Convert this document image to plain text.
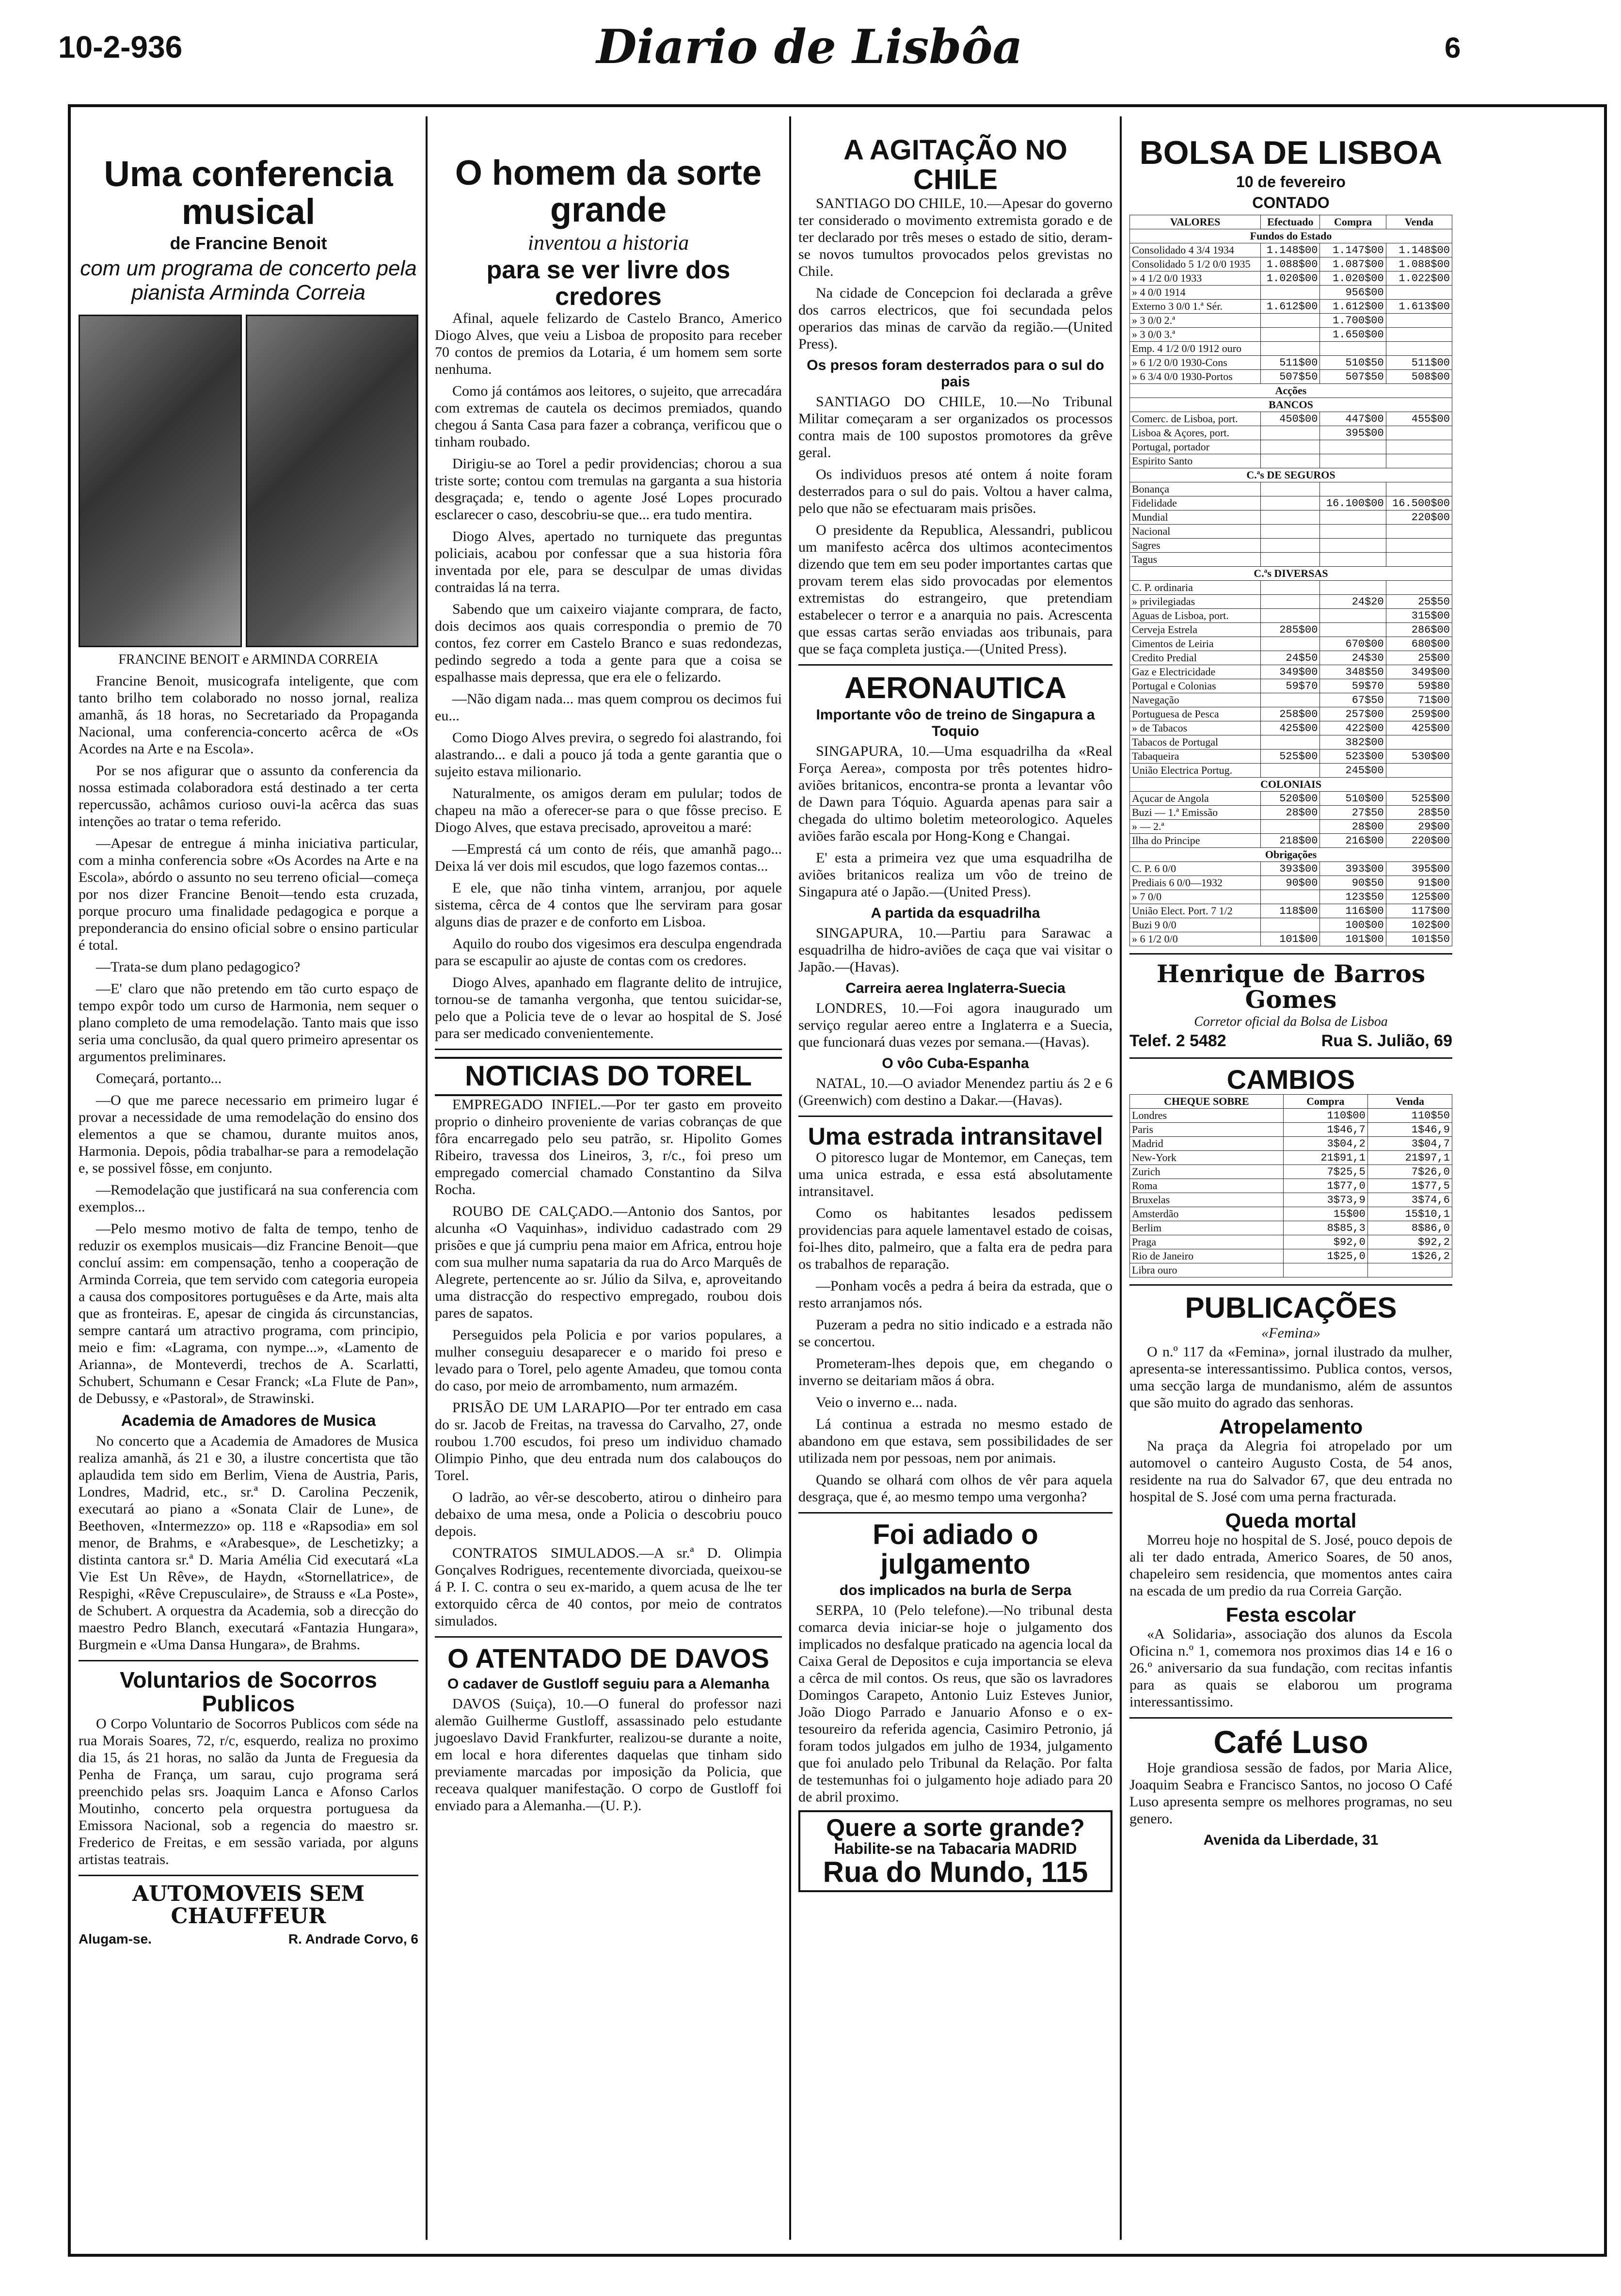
10-2-936	Diario de Lisbôa	6
Uma conferencia musical
de Francine Benoit
com um programa de concerto pela pianista Arminda Correia
FRANCINE BENOIT e ARMINDA CORREIA

Francine Benoit, musicografa inteligente, que com tanto brilho tem colaborado no nosso jornal, realiza amanhã, ás 18 horas, no Secretariado da Propaganda Nacional, uma conferencia-concerto acêrca de «Os Acordes na Arte e na Escola».

Por se nos afigurar que o assunto da conferencia da nossa estimada colaboradora está destinado a ter certa repercussão, achâmos curioso ouvi-la acêrca das suas intenções ao tratar o tema referido.

—Apesar de entregue á minha iniciativa particular, com a minha conferencia sobre «Os Acordes na Arte e na Escola», abórdo o assunto no seu terreno oficial—começa por nos dizer Francine Benoit—tendo esta cruzada, porque procuro uma finalidade pedagogica e porque a preponderancia do ensino oficial sobre o ensino particular é total.

—Trata-se dum plano pedagogico?

—E' claro que não pretendo em tão curto espaço de tempo expôr todo um curso de Harmonia, nem sequer o plano completo de uma remodelação. Tanto mais que isso seria uma conclusão, da qual quero primeiro apresentar os argumentos preliminares.

Começará, portanto...

—O que me parece necessario em primeiro lugar é provar a necessidade de uma remodelação do ensino dos elementos a que se chamou, durante muitos anos, Harmonia. Depois, pôdia trabalhar-se para a remodelação e, se possivel fôsse, em conjunto.

—Remodelação que justificará na sua conferencia com exemplos...

—Pelo mesmo motivo de falta de tempo, tenho de reduzir os exemplos musicais—diz Francine Benoit—que concluí assim: em compensação, tenho a cooperação de Arminda Correia, que tem servido com categoria europeia a causa dos compositores portuguêses e da Arte, mais alta que as fronteiras. E, apesar de cingida ás circunstancias, sempre cantará um atractivo programa, com principio, meio e fim: «Lagrama, con nympe...», «Lamento de Arianna», de Monteverdi, trechos de A. Scarlatti, Schubert, Schumann e Cesar Franck; «La Flute de Pan», de Debussy, e «Pastoral», de Strawinski.

Academia de Amadores de Musica

No concerto que a Academia de Amadores de Musica realiza amanhã, ás 21 e 30, a ilustre concertista que tão aplaudida tem sido em Berlim, Viena de Austria, Paris, Londres, Madrid, etc., sr.ª D. Carolina Peczenik, executará ao piano a «Sonata Clair de Lune», de Beethoven, «Intermezzo» op. 118 e «Rapsodia» em sol menor, de Brahms, e «Arabesque», de Leschetizky; a distinta cantora sr.ª D. Maria Amélia Cid executará «La Vie Est Un Rêve», de Haydn, «Stornellatrice», de Respighi, «Rêve Crepusculaire», de Strauss e «La Poste», de Schubert. A orquestra da Academia, sob a direcção do maestro Pedro Blanch, executará «Fantazia Hungara», Burgmein e «Uma Dansa Hungara», de Brahms.

Voluntarios de Socorros Publicos

O Corpo Voluntario de Socorros Publicos com séde na rua Morais Soares, 72, r/c, esquerdo, realiza no proximo dia 15, ás 21 horas, no salão da Junta de Freguesia da Penha de França, um sarau, cujo programa será preenchido pelas srs. Joaquim Lanca e Afonso Carlos Moutinho, concerto pela orquestra portuguesa da Emissora Nacional, sob a regencia do maestro sr. Frederico de Freitas, e em sessão variada, por alguns artistas teatrais.

AUTOMOVEIS SEM CHAUFFEUR
Alugam-se.	R. Andrade Corvo, 6
O homem da sorte grande
inventou a historia
para se ver livre dos credores

Afinal, aquele felizardo de Castelo Branco, Americo Diogo Alves, que veiu a Lisboa de proposito para receber 70 contos de premios da Lotaria, é um homem sem sorte nenhuma.

Como já contámos aos leitores, o sujeito, que arrecadára com extremas de cautela os decimos premiados, quando chegou á Santa Casa para fazer a cobrança, verificou que o tinham roubado.

Dirigiu-se ao Torel a pedir providencias; chorou a sua triste sorte; contou com tremulas na garganta a sua historia desgraçada; e, tendo o agente José Lopes procurado esclarecer o caso, descobriu-se que... era tudo mentira.

Diogo Alves, apertado no turniquete das preguntas policiais, acabou por confessar que a sua historia fôra inventada por ele, para se desculpar de umas dividas contraidas lá na terra.

Sabendo que um caixeiro viajante comprara, de facto, dois decimos aos quais correspondia o premio de 70 contos, fez correr em Castelo Branco e suas redondezas, pedindo segredo a toda a gente para que a coisa se espalhasse mais depressa, que era ele o felizardo.

—Não digam nada... mas quem comprou os decimos fui eu...

Como Diogo Alves previra, o segredo foi alastrando, foi alastrando... e dali a pouco já toda a gente garantia que o sujeito estava milionario.

Naturalmente, os amigos deram em pulular; todos de chapeu na mão a oferecer-se para o que fôsse preciso. E Diogo Alves, que estava precisado, aproveitou a maré:

—Emprestá cá um conto de réis, que amanhã pago... Deixa lá ver dois mil escudos, que logo fazemos contas...

E ele, que não tinha vintem, arranjou, por aquele sistema, cêrca de 4 contos que lhe serviram para gosar alguns dias de prazer e de conforto em Lisboa.

Aquilo do roubo dos vigesimos era desculpa engendrada para se escapulir ao ajuste de contas com os credores.

Diogo Alves, apanhado em flagrante delito de intrujice, tornou-se de tamanha vergonha, que tentou suicidar-se, pelo que a Policia teve de o levar ao hospital de S. José para ser medicado convenientemente.

NOTICIAS DO TOREL

EMPREGADO INFIEL.—Por ter gasto em proveito proprio o dinheiro proveniente de varias cobranças de que fôra encarregado pelo seu patrão, sr. Hipolito Gomes Ribeiro, travessa dos Lineiros, 3, r/c., foi preso um empregado comercial chamado Constantino da Silva Rocha.

ROUBO DE CALÇADO.—Antonio dos Santos, por alcunha «O Vaquinhas», individuo cadastrado com 29 prisões e que já cumpriu pena maior em Africa, entrou hoje com sua mulher numa sapataria da rua do Arco Marquês de Alegrete, pertencente ao sr. Júlio da Silva, e, aproveitando uma distracção do respectivo empregado, roubou dois pares de sapatos.

Perseguidos pela Policia e por varios populares, a mulher conseguiu desaparecer e o marido foi preso e levado para o Torel, pelo agente Amadeu, que tomou conta do caso, por meio de arrombamento, num armazém.

PRISÃO DE UM LARAPIO—Por ter entrado em casa do sr. Jacob de Freitas, na travessa do Carvalho, 27, onde roubou 1.700 escudos, foi preso um individuo chamado Olimpio Pinho, que deu entrada num dos calabouços do Torel.

O ladrão, ao vêr-se descoberto, atirou o dinheiro para debaixo de uma mesa, onde a Policia o descobriu pouco depois.

CONTRATOS SIMULADOS.—A sr.ª D. Olimpia Gonçalves Rodrigues, recentemente divorciada, queixou-se á P. I. C. contra o seu ex-marido, a quem acusa de lhe ter extorquido cêrca de 40 contos, por meio de contratos simulados.

O ATENTADO DE DAVOS
O cadaver de Gustloff seguiu para a Alemanha

DAVOS (Suiça), 10.—O funeral do professor nazi alemão Guilherme Gustloff, assassinado pelo estudante jugoeslavo David Frankfurter, realizou-se durante a noite, em local e hora diferentes daquelas que tinham sido previamente marcadas por imposição da Policia, que receava qualquer manifestação. O corpo de Gustloff foi enviado para a Alemanha.—(U. P.).

A AGITAÇÃO NO CHILE

SANTIAGO DO CHILE, 10.—Apesar do governo ter considerado o movimento extremista gorado e de ter declarado por três meses o estado de sitio, deram-se novos tumultos provocados pelos grevistas no Chile.

Na cidade de Concepcion foi declarada a grêve dos carros electricos, que foi secundada pelos operarios das minas de carvão da região.—(United Press).

Os presos foram desterrados para o sul do pais

SANTIAGO DO CHILE, 10.—No Tribunal Militar começaram a ser organizados os processos contra mais de 100 supostos promotores da grêve geral.

Os individuos presos até ontem á noite foram desterrados para o sul do pais. Voltou a haver calma, pelo que não se efectuaram mais prisões.

O presidente da Republica, Alessandri, publicou um manifesto acêrca dos ultimos acontecimentos dizendo que tem em seu poder importantes cartas que provam terem elas sido provocadas por elementos extremistas do estrangeiro, que pretendiam estabelecer o terror e a anarquia no pais. Acrescenta que essas cartas serão enviadas aos tribunais, para que se faça completa justiça.—(United Press).

AERONAUTICA
Importante vôo de treino de Singapura a Toquio

SINGAPURA, 10.—Uma esquadrilha da «Real Força Aerea», composta por três potentes hidro-aviões britanicos, encontra-se pronta a levantar vôo de Dawn para Tóquio. Aguarda apenas para sair a chegada do ultimo boletim meteorologico. Aqueles aviões farão escala por Hong-Kong e Changai.

E' esta a primeira vez que uma esquadrilha de aviões britanicos realiza um vôo de treino de Singapura até o Japão.—(United Press).

A partida da esquadrilha

SINGAPURA, 10.—Partiu para Sarawac a esquadrilha de hidro-aviões de caça que vai visitar o Japão.—(Havas).

Carreira aerea Inglaterra-Suecia

LONDRES, 10.—Foi agora inaugurado um serviço regular aereo entre a Inglaterra e a Suecia, que funcionará duas vezes por semana.—(Havas).

O vôo Cuba-Espanha

NATAL, 10.—O aviador Menendez partiu ás 2 e 6 (Greenwich) com destino a Dakar.—(Havas).

Uma estrada intransitavel

O pitoresco lugar de Montemor, em Caneças, tem uma unica estrada, e essa está absolutamente intransitavel.

Como os habitantes lesados pedissem providencias para aquele lamentavel estado de coisas, foi-lhes dito, palmeiro, que a falta era de pedra para os trabalhos de reparação.

—Ponham vocês a pedra á beira da estrada, que o resto arranjamos nós.

Puzeram a pedra no sitio indicado e a estrada não se concertou.

Prometeram-lhes depois que, em chegando o inverno se deitariam mãos á obra.

Veio o inverno e... nada.

Lá continua a estrada no mesmo estado de abandono em que estava, sem possibilidades de ser utilizada nem por pessoas, nem por animais.

Quando se olhará com olhos de vêr para aquela desgraça, que é, ao mesmo tempo uma vergonha?

Foi adiado o julgamento
dos implicados na burla de Serpa

SERPA, 10 (Pelo telefone).—No tribunal desta comarca devia iniciar-se hoje o julgamento dos implicados no desfalque praticado na agencia local da Caixa Geral de Depositos e cuja importancia se eleva a cêrca de mil contos. Os reus, que são os lavradores Domingos Carapeto, Antonio Luiz Esteves Junior, João Diogo Parrado e Januario Afonso e o ex-tesoureiro da referida agencia, Casimiro Petronio, já foram todos julgados em julho de 1934, julgamento que foi anulado pelo Tribunal da Relação. Por falta de testemunhas foi o julgamento hoje adiado para 20 de abril proximo.

Quere a sorte grande?
Habilite-se na Tabacaria MADRID
Rua do Mundo, 115
BOLSA DE LISBOA
10 de fevereiro
CONTADO
VALORES	Efectuado	Compra	Venda
Fundos do Estado			
Consolidado 4 3/4 1934	1.148$00	1.147$00	1.148$00
Consolidado 5 1/2 0/0 1935	1.088$00	1.087$00	1.088$00
» 4 1/2 0/0 1933	1.020$00	1.020$00	1.022$00
» 4 0/0 1914		956$00	
Externo 3 0/0 1.ª Sér.	1.612$00	1.612$00	1.613$00
» 3 0/0 2.ª		1.700$00	
» 3 0/0 3.ª		1.650$00	
Emp. 4 1/2 0/0 1912 ouro			
» 6 1/2 0/0 1930-Cons	511$00	510$50	511$00
» 6 3/4 0/0 1930-Portos	507$50	507$50	508$00
Acções			
BANCOS			
Comerc. de Lisboa, port.	450$00	447$00	455$00
Lisboa & Açores, port.		395$00	
Portugal, portador			
Espirito Santo			
C.ªs DE SEGUROS			
Bonança			
Fidelidade		16.100$00	16.500$00
Mundial			220$00
Nacional			
Sagres			
Tagus			
C.ªs DIVERSAS			
C. P. ordinaria			
» privilegiadas		24$20	25$50
Aguas de Lisboa, port.			315$00
Cerveja Estrela	285$00		286$00
Cimentos de Leiria		670$00	680$00
Credito Predial	24$50	24$30	25$00
Gaz e Electricidade	349$00	348$50	349$00
Portugal e Colonias	59$70	59$70	59$80
Navegação		67$50	71$00
Portuguesa de Pesca	258$00	257$00	259$00
» de Tabacos	425$00	422$00	425$00
Tabacos de Portugal		382$00	
Tabaqueira	525$00	523$00	530$00
União Electrica Portug.		245$00	
COLONIAIS			
Açucar de Angola	520$00	510$00	525$00
Buzi — 1.ª Emissão	28$00	27$50	28$50
» — 2.ª		28$00	29$00
Ilha do Principe	218$00	216$00	220$00
Obrigações			
C. P. 6 0/0	393$00	393$00	395$00
Prediais 6 0/0—1932	90$00	90$50	91$00
» 7 0/0		123$50	125$00
União Elect. Port. 7 1/2	118$00	116$00	117$00
Buzi 9 0/0		100$00	102$00
» 6 1/2 0/0	101$00	101$00	101$50
Henrique de Barros Gomes
Corretor oficial da Bolsa de Lisboa
Telef. 2 5482	Rua S. Julião, 69
CAMBIOS
CHEQUE SOBRE	Compra	Venda
Londres	110$00	110$50
Paris	1$46,7	1$46,9
Madrid	3$04,2	3$04,7
New-York	21$91,1	21$97,1
Zurich	7$25,5	7$26,0
Roma	1$77,0	1$77,5
Bruxelas	3$73,9	3$74,6
Amsterdão	15$00	15$10,1
Berlim	8$85,3	8$86,0
Praga	$92,0	$92,2
Rio de Janeiro	1$25,0	1$26,2
Libra ouro		
PUBLICAÇÕES
«Femina»

O n.º 117 da «Femina», jornal ilustrado da mulher, apresenta-se interessantissimo. Publica contos, versos, uma secção larga de mundanismo, além de assuntos que são muito do agrado das senhoras.

Atropelamento

Na praça da Alegria foi atropelado por um automovel o canteiro Augusto Costa, de 54 anos, residente na rua do Salvador 67, que deu entrada no hospital de S. José com uma perna fracturada.

Queda mortal

Morreu hoje no hospital de S. José, pouco depois de ali ter dado entrada, Americo Soares, de 50 anos, chapeleiro sem residencia, que momentos antes caira na escada de um predio da rua Correia Garção.

Festa escolar

«A Solidaria», associação dos alunos da Escola Oficina n.º 1, comemora nos proximos dias 14 e 16 o 26.º aniversario da sua fundação, com recitas infantis para as quais se elaborou um programa interessantissimo.

Café Luso

Hoje grandiosa sessão de fados, por Maria Alice, Joaquim Seabra e Francisco Santos, no jocoso O Café Luso apresenta sempre os melhores programas, no seu genero.

Avenida da Liberdade, 31
